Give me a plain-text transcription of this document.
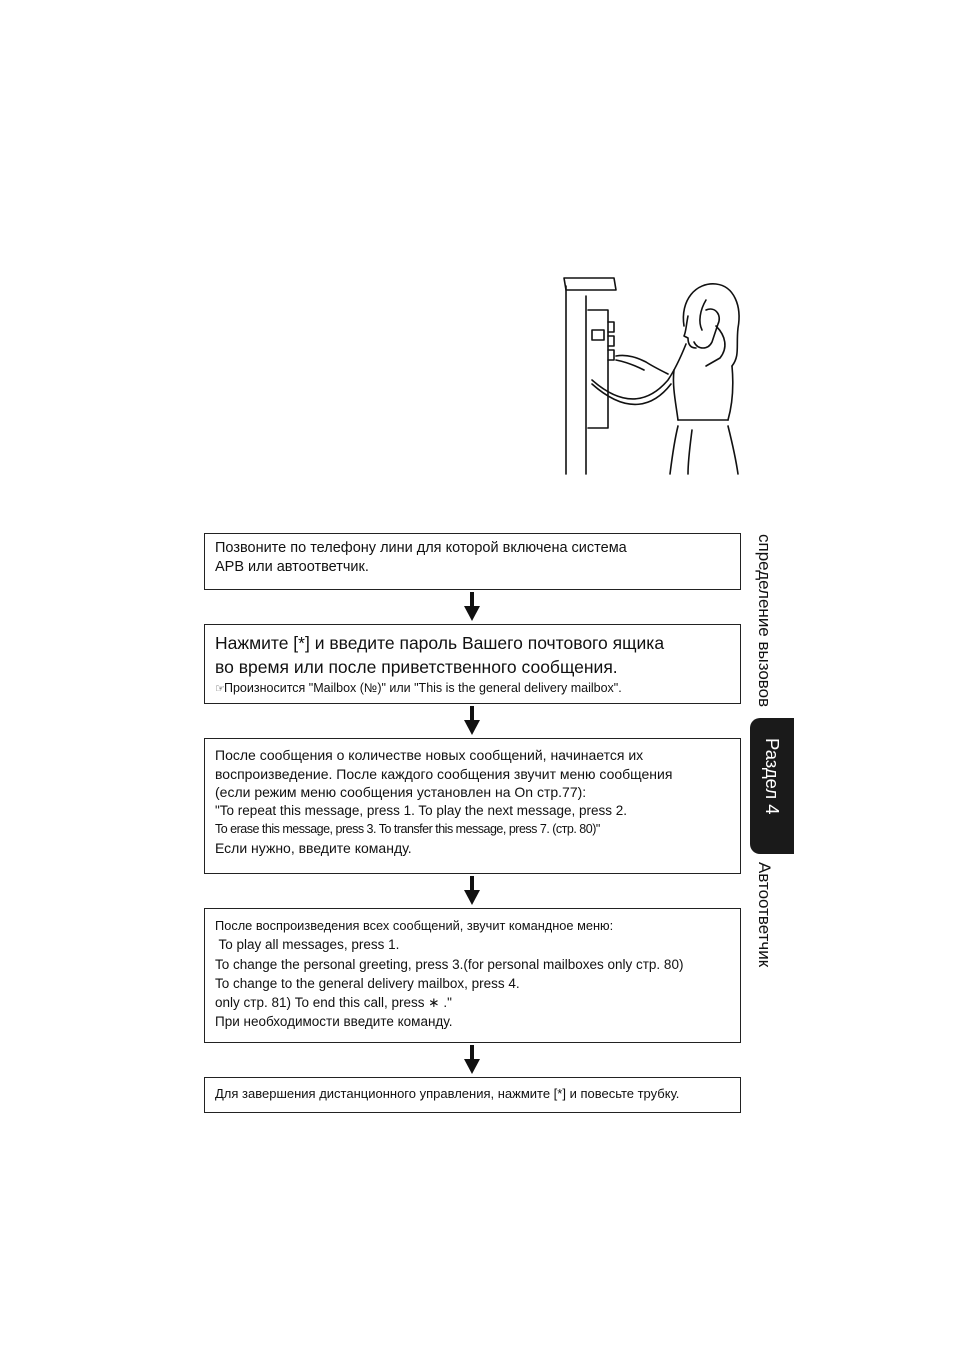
Позвоните по телефону лини для которой включена система

АРВ или автоответчик.

Нажмите [*] и введите пароль Вашего почтового ящика

во время или после приветственного сообщения.

☞Произносится "Mailbox (№)" или "This is the general delivery mailbox".

После сообщения о количестве новых сообщений, начинается их

воспроизведение. После каждого сообщения звучит меню сообщения

(если режим меню сообщения установлен на On стр.77):

"To repeat this message, press 1. To play the next message, press 2.

To erase this message, press 3. To transfer this message, press 7. (стр. 80)"

Если нужно, введите команду.

После воспроизведения всех сообщений, звучит командное меню:

To play all messages, press 1.

To change the personal greeting, press 3.(for personal mailboxes only стр. 80)

To change to the general delivery mailbox, press 4.

only стр. 81) To end this call, press ∗ ."

При необходимости введите команду.

Для завершения дистанционного управления, нажмите [*] и повесьте трубку.

спределение вызовов
Раздел 4
Автоответчик
